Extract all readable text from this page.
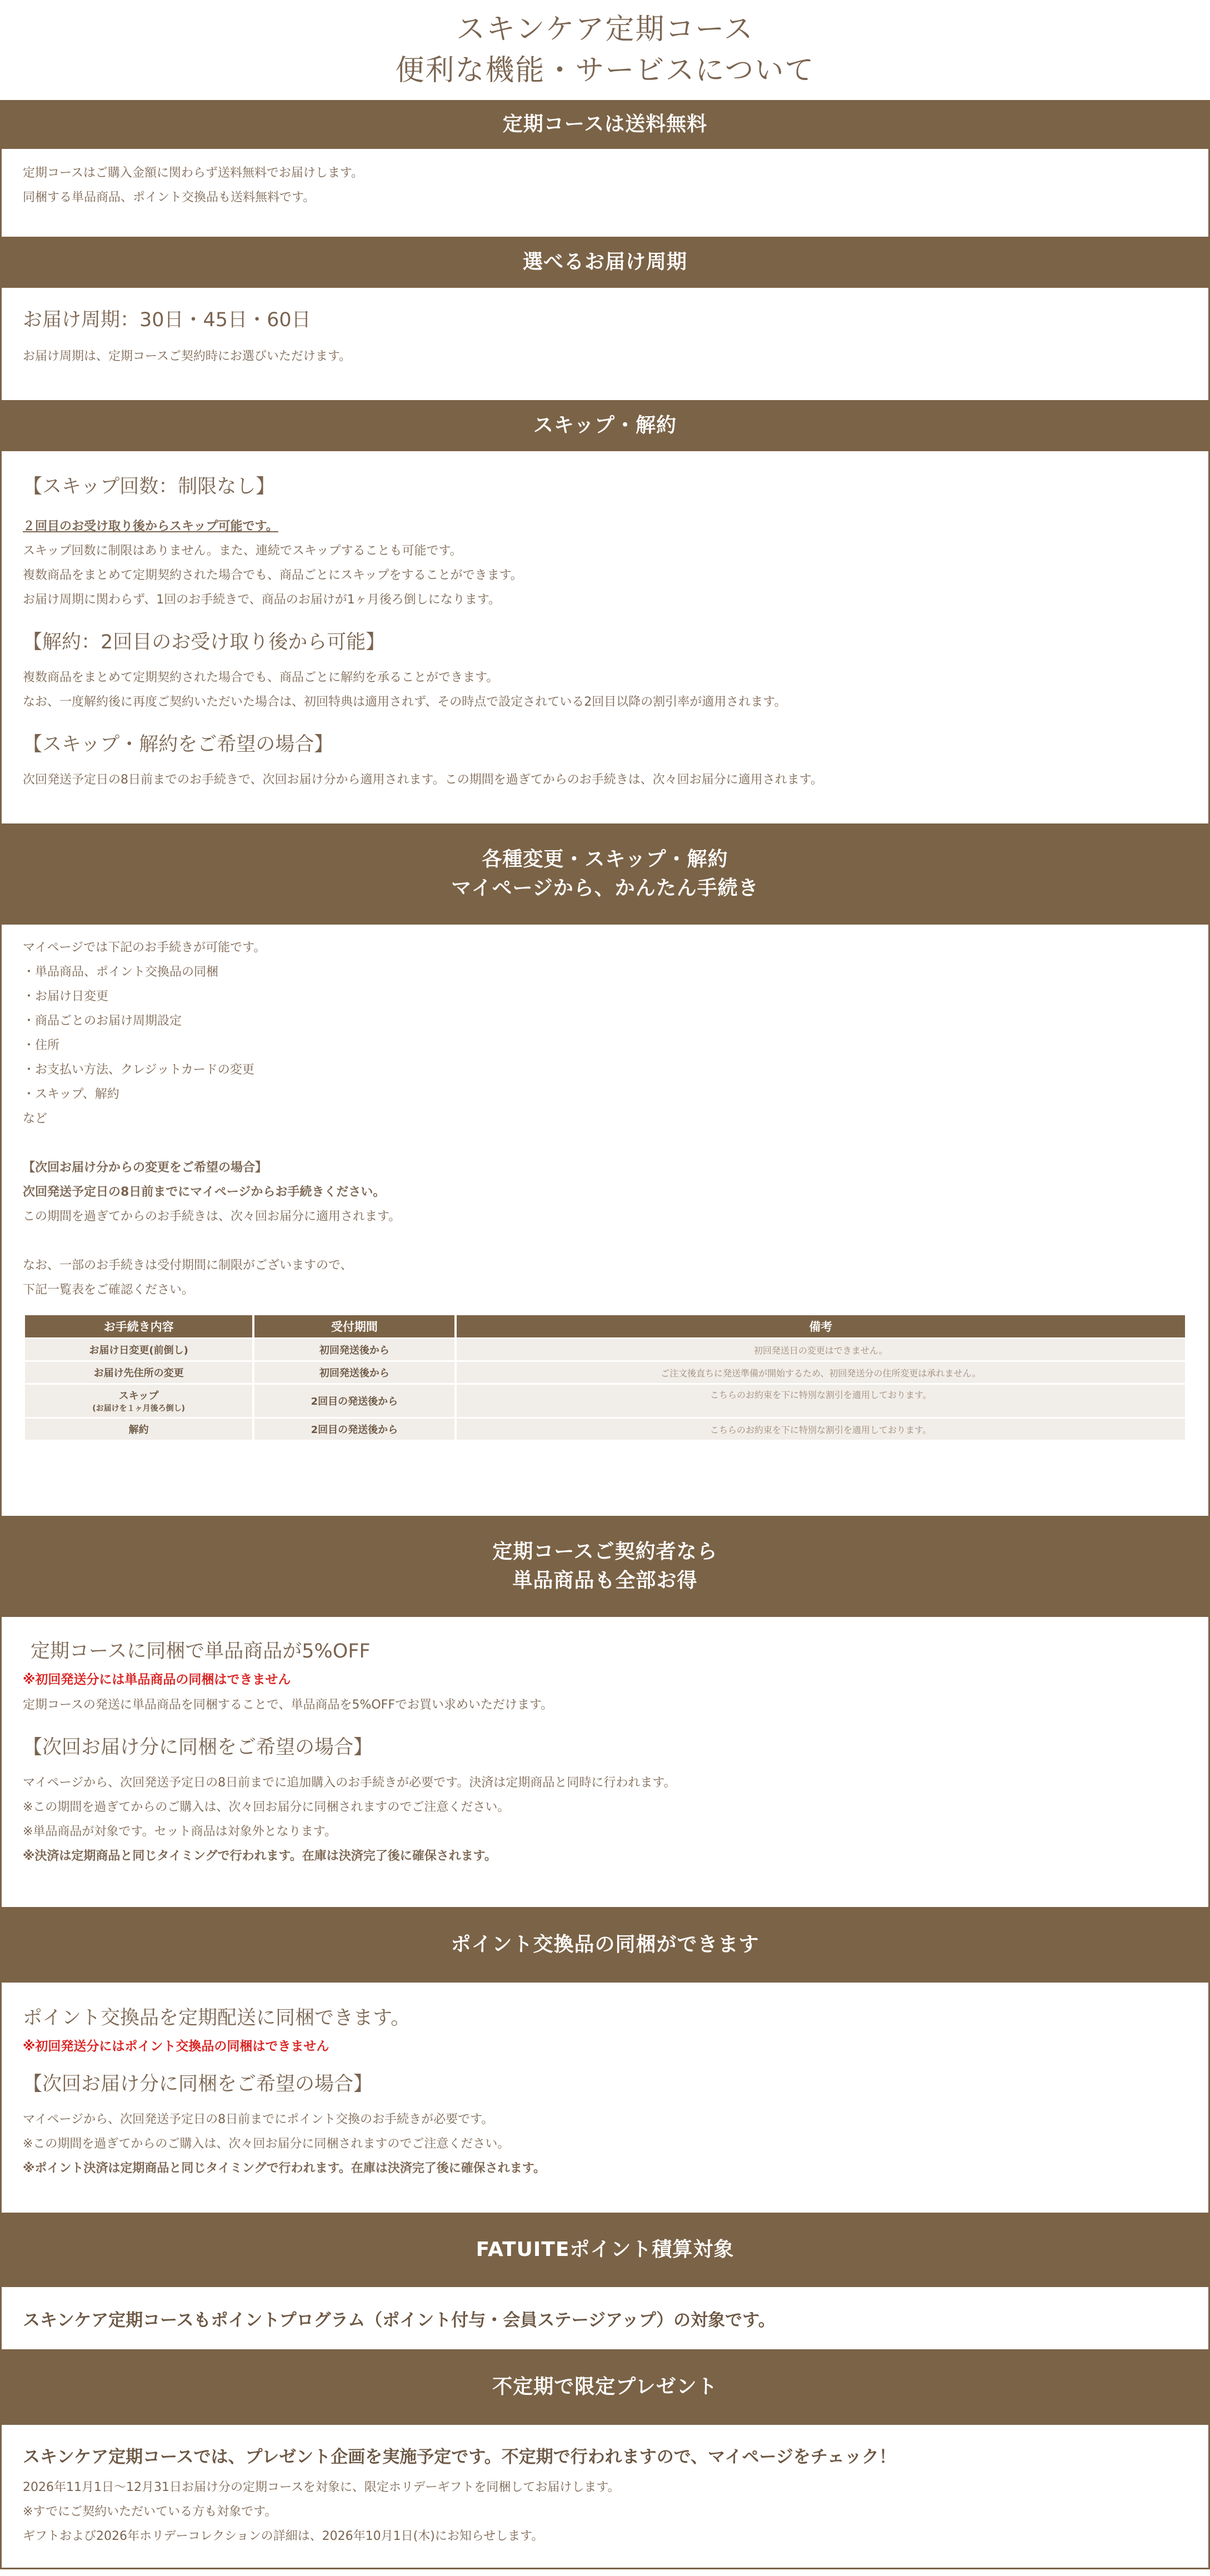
スキンケア定期コース
便利な機能・サービスについて
定期コースは送料無料
定期コースはご購入金額に関わらず送料無料でお届けします。
同梱する単品商品、ポイント交換品も送料無料です。
選べるお届け周期
お届け周期：30日・45日・60日
お届け周期は、定期コースご契約時にお選びいただけます。
スキップ・解約
【スキップ回数：制限なし】
２回目のお受け取り後からスキップ可能です。
スキップ回数に制限はありません。また、連続でスキップすることも可能です。
複数商品をまとめて定期契約された場合でも、商品ごとにスキップをすることができます。
お届け周期に関わらず、1回のお手続きで、商品のお届けが1ヶ月後ろ倒しになります。
【解約：2回目のお受け取り後から可能】
複数商品をまとめて定期契約された場合でも、商品ごとに解約を承ることができます。
なお、一度解約後に再度ご契約いただいた場合は、初回特典は適用されず、その時点で設定されている2回目以降の割引率が適用されます。
【スキップ・解約をご希望の場合】
次回発送予定日の8日前までのお手続きで、次回お届け分から適用されます。この期間を過ぎてからのお手続きは、次々回お届分に適用されます。
各種変更・スキップ・解約
マイページから、かんたん手続き
マイページでは下記のお手続きが可能です。
・単品商品、ポイント交換品の同梱
・お届け日変更
・商品ごとのお届け周期設定
・住所
・お支払い方法、クレジットカードの変更
・スキップ、解約
など
【次回お届け分からの変更をご希望の場合】
次回発送予定日の8日前までにマイページからお手続きください。
この期間を過ぎてからのお手続きは、次々回お届分に適用されます。
なお、一部のお手続きは受付期間に制限がございますので、
下記一覧表をご確認ください。
お手続き内容	受付期間	備考
お届け日変更(前倒し)	初回発送後から	初回発送日の変更はできません。
お届け先住所の変更	初回発送後から	ご注文後直ちに発送準備が開始するため、初回発送分の住所変更は承れません。

スキップ
(お届けを１ヶ月後ろ倒し)	2回目の発送後から	こちらのお約束を下に特別な割引を適用しております。
解約	2回目の発送後から	こちらのお約束を下に特別な割引を適用しております。
定期コースご契約者なら
単品商品も全部お得
定期コースに同梱で単品商品が5%OFF
※初回発送分には単品商品の同梱はできません
定期コースの発送に単品商品を同梱することで、単品商品を5%OFFでお買い求めいただけます。
【次回お届け分に同梱をご希望の場合】
マイページから、次回発送予定日の8日前までに追加購入のお手続きが必要です。決済は定期商品と同時に行われます。
※この期間を過ぎてからのご購入は、次々回お届分に同梱されますのでご注意ください。
※単品商品が対象です。セット商品は対象外となります。
※決済は定期商品と同じタイミングで行われます。在庫は決済完了後に確保されます。
ポイント交換品の同梱ができます
ポイント交換品を定期配送に同梱できます。
※初回発送分にはポイント交換品の同梱はできません
【次回お届け分に同梱をご希望の場合】
マイページから、次回発送予定日の8日前までにポイント交換のお手続きが必要です。
※この期間を過ぎてからのご購入は、次々回お届分に同梱されますのでご注意ください。
※ポイント決済は定期商品と同じタイミングで行われます。在庫は決済完了後に確保されます。
FATUITEポイント積算対象
スキンケア定期コースもポイントプログラム（ポイント付与・会員ステージアップ）の対象です。
不定期で限定プレゼント
スキンケア定期コースでは、プレゼント企画を実施予定です。不定期で行われますので、マイページをチェック！
2026年11月1日〜12月31日お届け分の定期コースを対象に、限定ホリデーギフトを同梱してお届けします。
※すでにご契約いただいている方も対象です。
ギフトおよび2026年ホリデーコレクションの詳細は、2026年10月1日(木)にお知らせします。
